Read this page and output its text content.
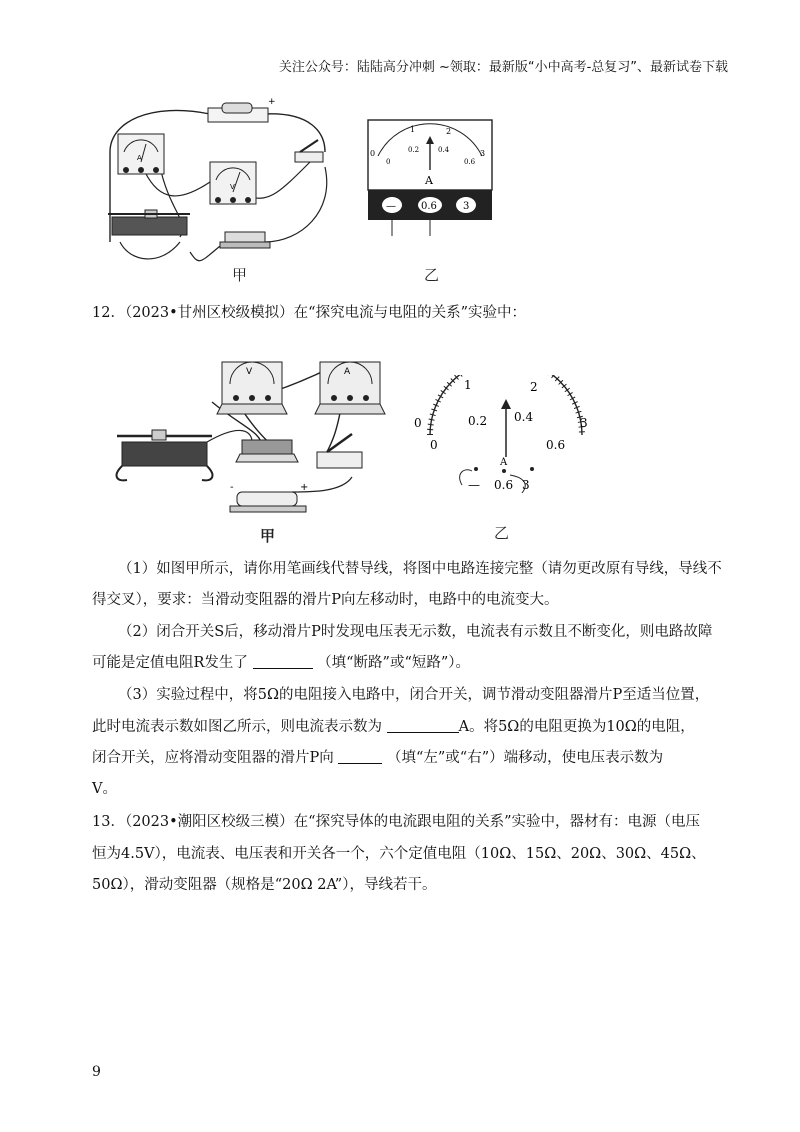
关注公众号：陆陆高分冲刺 ~领取：最新版“小中高考-总复习”、最新试卷下载
+
A
V
甲
0
1	2
3
0
0.2	0.4
0.6
A
—	0.6	3
乙
12．（2023•甘州区校级模拟）在“探究电流与电阻的关系”实验中：
V	A
-	+
甲
0
1	2
3
0
0.2 0.4
0.6
A
— 0.6 3
乙
（1）如图甲所示，请你用笔画线代替导线，将图中电路连接完整（请勿更改原有导线，导线不
得交叉），要求：当滑动变阻器的滑片P向左移动时，电路中的电流变大。
（2）闭合开关S后，移动滑片P时发现电压表无示数，电流表有示数且不断变化，则电路故障
可能是定值电阻R发生了	（填“断路”或“短路”）。
（3）实验过程中，将5Ω的电阻接入电路中，闭合开关，调节滑动变阻器滑片P至适当位置，
此时电流表示数如图乙所示，则电流表示数为	A。将5Ω的电阻更换为10Ω的电阻，
闭合开关，应将滑动变阻器的滑片P向	（填“左”或“右”）端移动，使电压表示数为
V。
13．（2023•潮阳区校级三模）在“探究导体的电流跟电阻的关系”实验中，器材有：电源（电压
恒为4.5V），电流表、电压表和开关各一个，六个定值电阻（10Ω、15Ω、20Ω、30Ω、45Ω、
50Ω），滑动变阻器（规格是“20Ω 2A”），导线若干。
9
